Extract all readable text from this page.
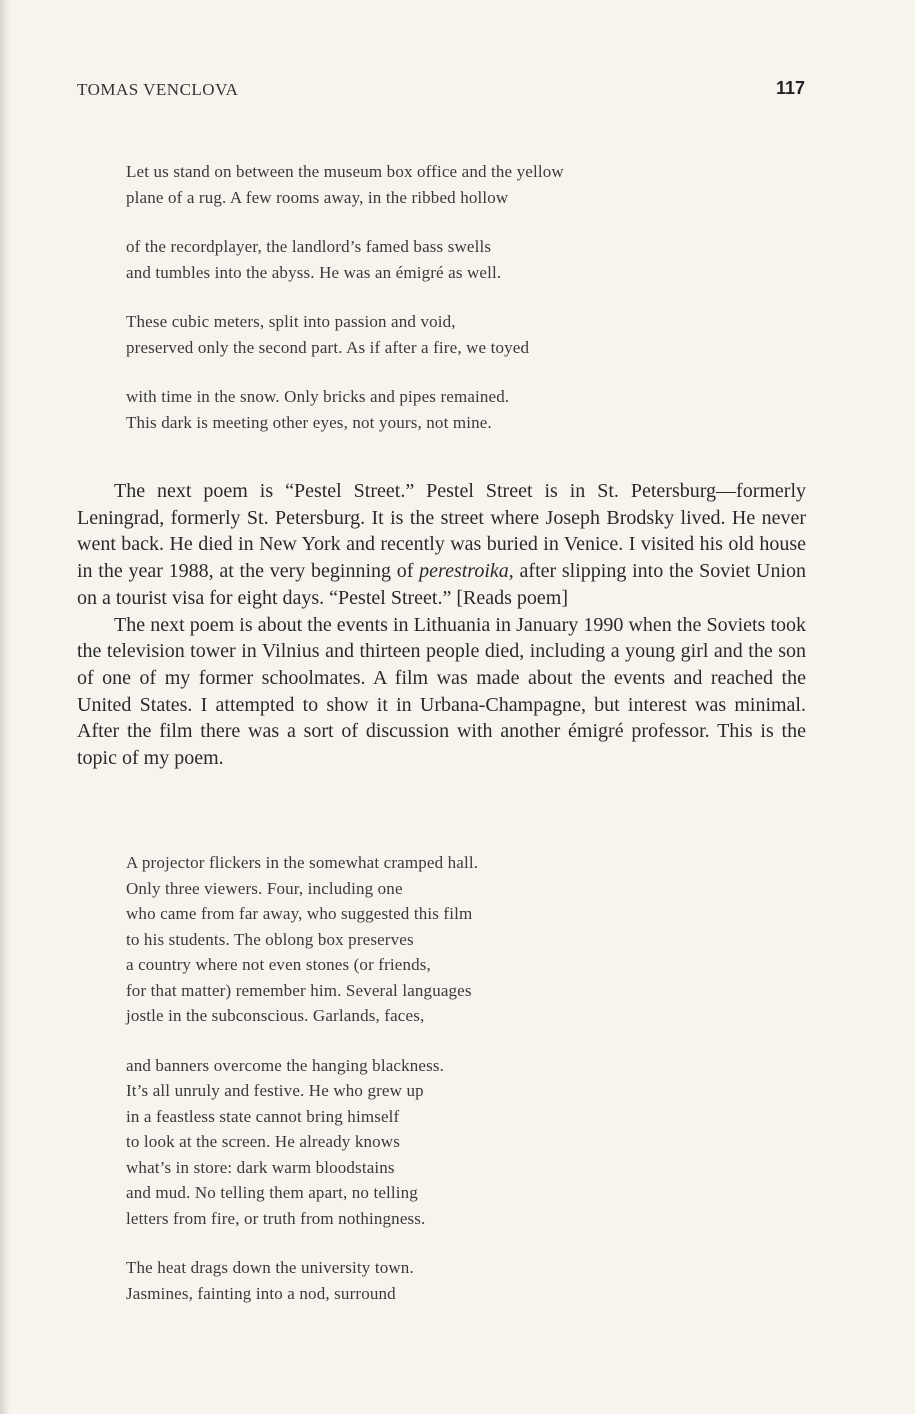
TOMAS VENCLOVA	117

Let us stand on between the museum box office and the yellow
plane of a rug. A few rooms away, in the ribbed hollow

of the recordplayer, the landlord’s famed bass swells
and tumbles into the abyss. He was an émigré as well.

These cubic meters, split into passion and void,
preserved only the second part. As if after a fire, we toyed

with time in the snow. Only bricks and pipes remained.
This dark is meeting other eyes, not yours, not mine.

The next poem is “Pestel Street.” Pestel Street is in St. Petersburg—formerly Leningrad, formerly St. Petersburg. It is the street where Joseph Brodsky lived. He never went back. He died in New York and recently was buried in Venice. I visited his old house in the year 1988, at the very beginning of perestroika, after slipping into the Soviet Union on a tourist visa for eight days. “Pestel Street.” [Reads poem]

The next poem is about the events in Lithuania in January 1990 when the Soviets took the television tower in Vilnius and thirteen people died, including a young girl and the son of one of my former schoolmates. A film was made about the events and reached the United States. I attempted to show it in Urbana-Champagne, but interest was minimal. After the film there was a sort of discussion with another émigré professor. This is the topic of my poem.

A projector flickers in the somewhat cramped hall.
Only three viewers. Four, including one
who came from far away, who suggested this film
to his students. The oblong box preserves
a country where not even stones (or friends,
for that matter) remember him. Several languages
jostle in the subconscious. Garlands, faces,

and banners overcome the hanging blackness.
It’s all unruly and festive. He who grew up
in a feastless state cannot bring himself
to look at the screen. He already knows
what’s in store: dark warm bloodstains
and mud. No telling them apart, no telling
letters from fire, or truth from nothingness.

The heat drags down the university town.
Jasmines, fainting into a nod, surround
